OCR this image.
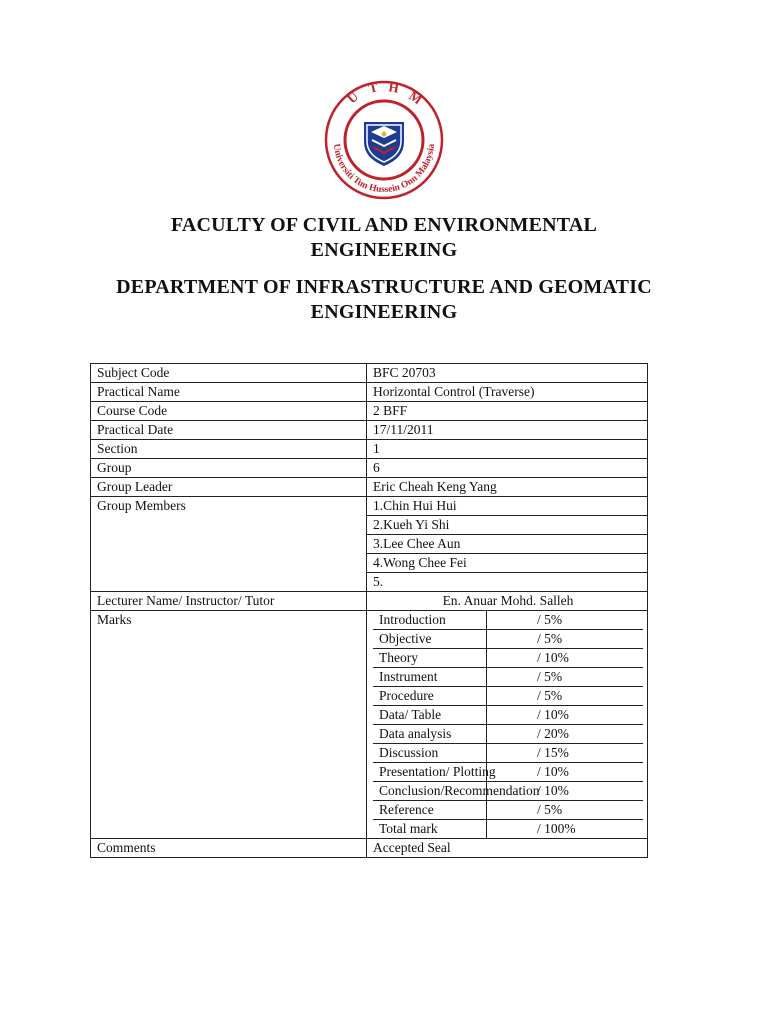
U
T H
M
Universiti Tun Hussein Onn Malaysia
FACULTY OF CIVIL AND ENVIRONMENTAL
ENGINEERING
DEPARTMENT OF INFRASTRUCTURE AND GEOMATIC
ENGINEERING
Subject Code	BFC 20703
Practical Name	Horizontal Control (Traverse)
Course Code	2 BFF
Practical Date	17/11/2011
Section	1
Group	6
Group Leader	Eric Cheah Keng Yang
Group Members	1.Chin Hui Hui
2.Kueh Yi Shi
3.Lee Chee Aun
4.Wong Chee Fei
5.
Lecturer Name/ Instructor/ Tutor	En. Anuar Mohd. Salleh
Marks		Introduction	/ 5%
Objective	/ 5%
Theory	/ 10%
Instrument	/ 5%
Procedure	/ 5%
Data/ Table	/ 10%
Data analysis	/ 20%
Discussion	/ 15%
Presentation/ Plotting	/ 10%
Conclusion/Recommendation	/ 10%
Reference	/ 5%
Total mark	/ 100%

Comments	Accepted Seal
